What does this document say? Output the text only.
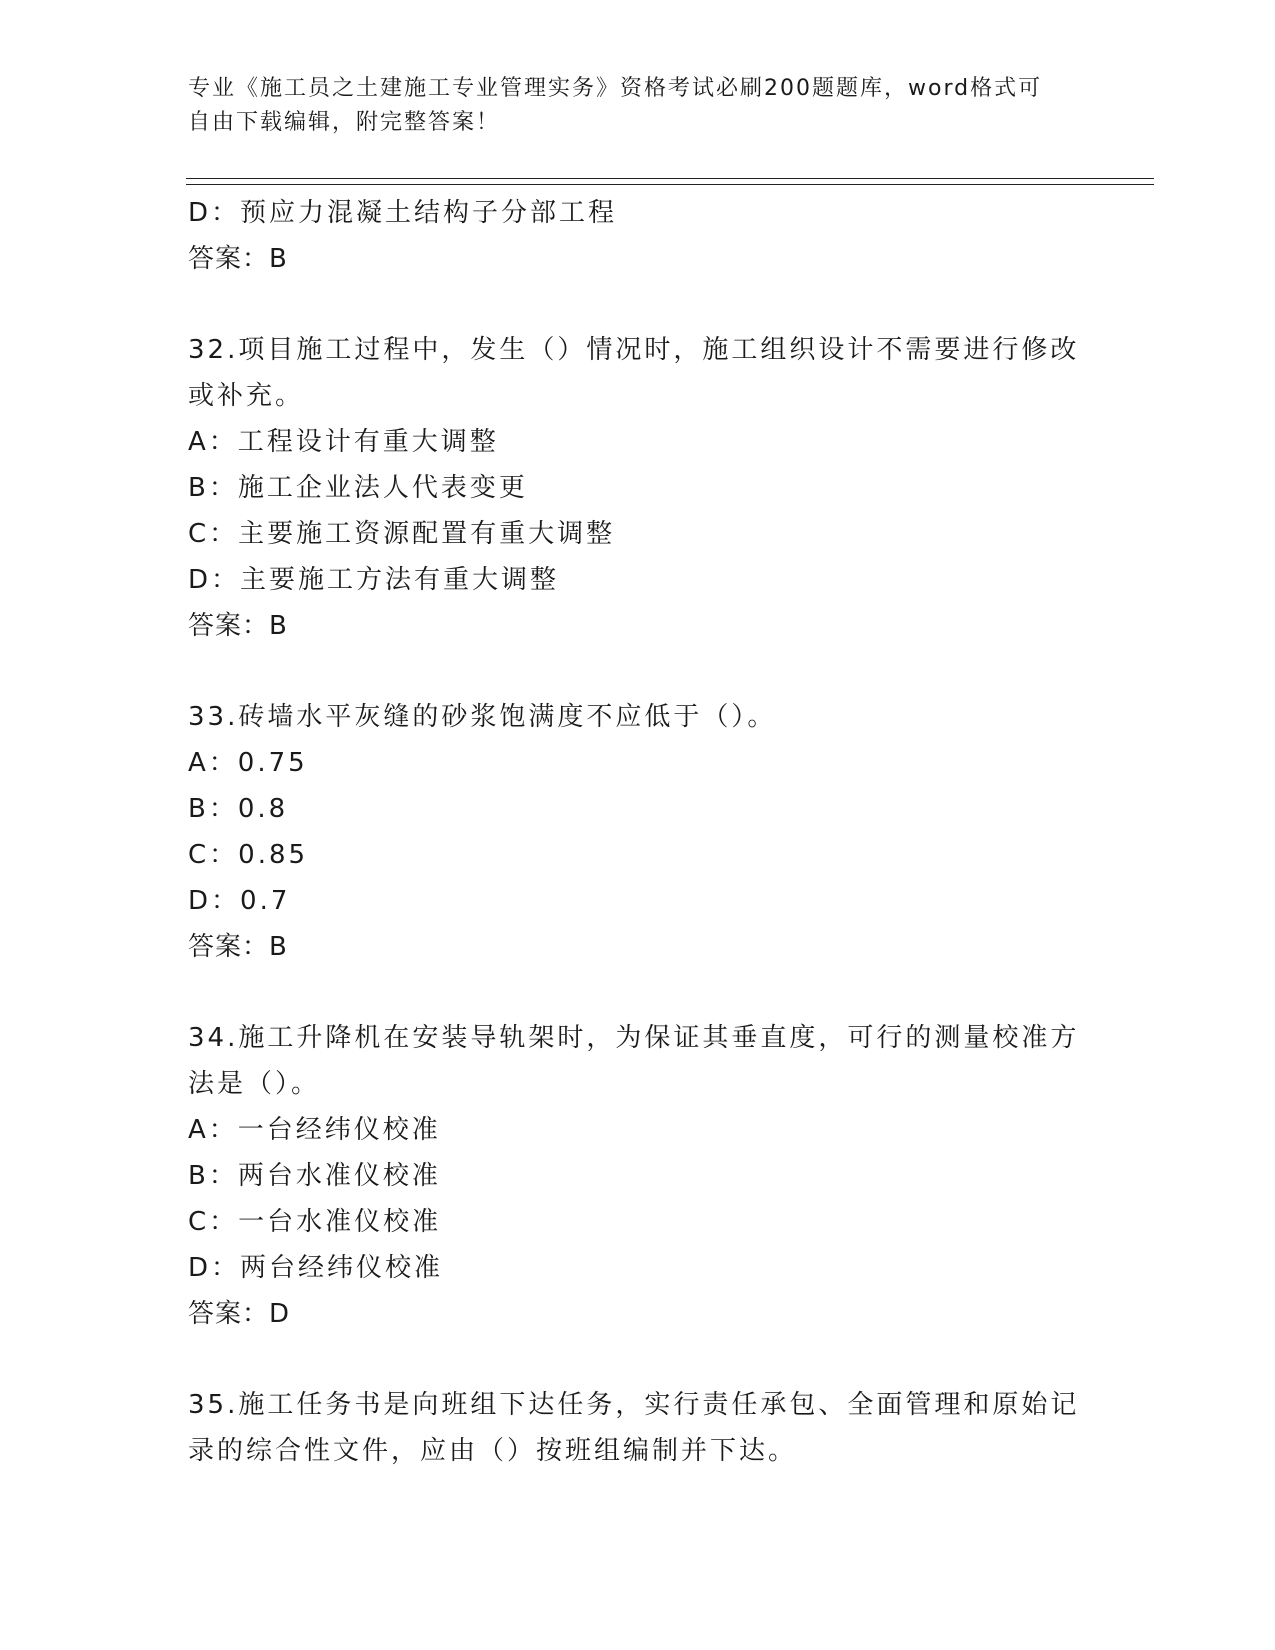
专业《施工员之土建施工专业管理实务》资格考试必刷200题题库，word格式可
自由下载编辑，附完整答案！
D：预应力混凝土结构子分部工程
答案：B
32.项目施工过程中，发生（）情况时，施工组织设计不需要进行修改
或补充。
A：工程设计有重大调整
B：施工企业法人代表变更
C：主要施工资源配置有重大调整
D：主要施工方法有重大调整
答案：B
33.砖墙水平灰缝的砂浆饱满度不应低于（）。
A：0.75
B：0.8
C：0.85
D：0.7
答案：B
34.施工升降机在安装导轨架时，为保证其垂直度，可行的测量校准方
法是（）。
A：一台经纬仪校准
B：两台水准仪校准
C：一台水准仪校准
D：两台经纬仪校准
答案：D
35.施工任务书是向班组下达任务，实行责任承包、全面管理和原始记
录的综合性文件，应由（）按班组编制并下达。
